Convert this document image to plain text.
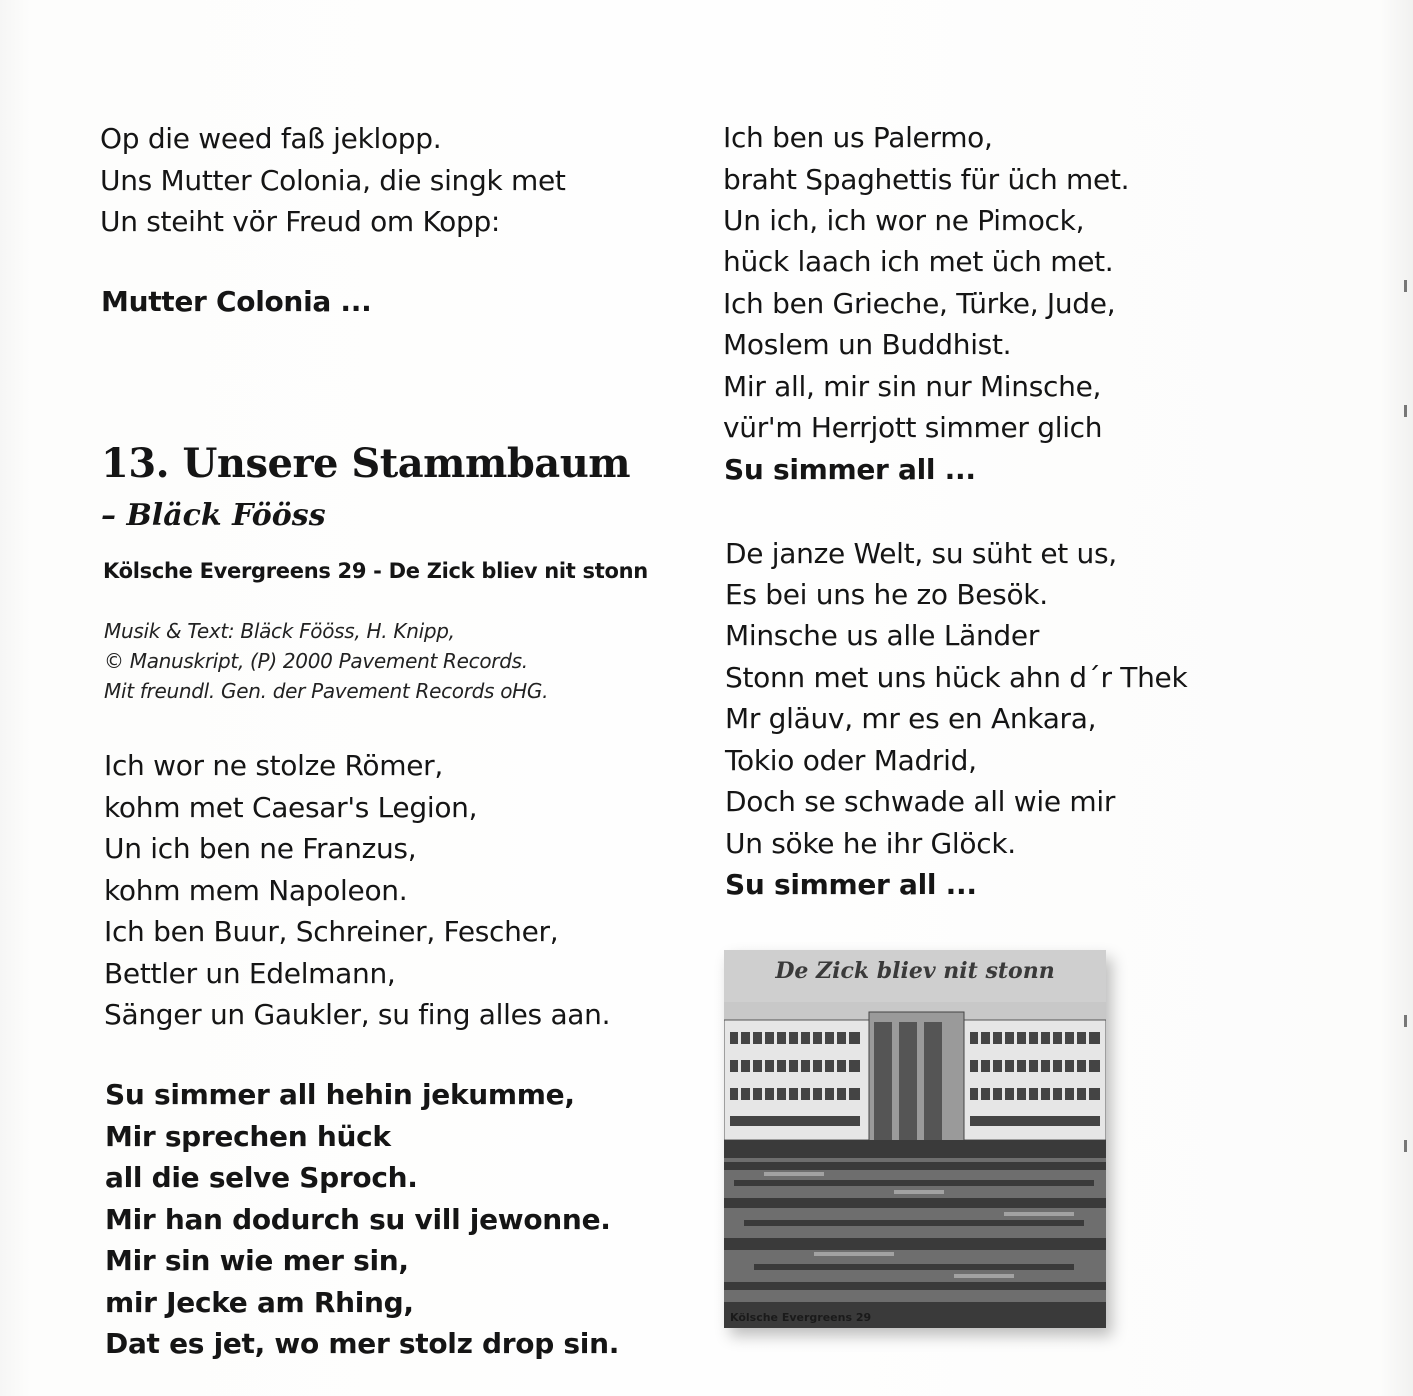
Op die weed faß jeklopp.
Uns Mutter Colonia, die singk met
Un steiht vör Freud om Kopp:
Mutter Colonia ...
13. Unsere Stammbaum
– Bläck Fööss
Kölsche Evergreens 29 - De Zick bliev nit stonn
Musik & Text: Bläck Fööss, H. Knipp,
© Manuskript, (P) 2000 Pavement Records.
Mit freundl. Gen. der Pavement Records oHG.
Ich wor ne stolze Römer,
kohm met Caesar's Legion,
Un ich ben ne Franzus,
kohm mem Napoleon.
Ich ben Buur, Schreiner, Fescher,
Bettler un Edelmann,
Sänger un Gaukler, su fing alles aan.
Su simmer all hehin jekumme,
Mir sprechen hück
all die selve Sproch.
Mir han dodurch su vill jewonne.
Mir sin wie mer sin,
mir Jecke am Rhing,
Dat es jet, wo mer stolz drop sin.
Ich ben us Palermo,
braht Spaghettis für üch met.
Un ich, ich wor ne Pimock,
hück laach ich met üch met.
Ich ben Grieche, Türke, Jude,
Moslem un Buddhist.
Mir all, mir sin nur Minsche,
vür'm Herrjott simmer glich
Su simmer all ...
De janze Welt, su süht et us,
Es bei uns he zo Besök.
Minsche us alle Länder
Stonn met uns hück ahn d´r Thek
Mr gläuv, mr es en Ankara,
Tokio oder Madrid,
Doch se schwade all wie mir
Un söke he ihr Glöck.
Su simmer all ...
De Zick bliev nit stonn
Kölsche Evergreens 29
